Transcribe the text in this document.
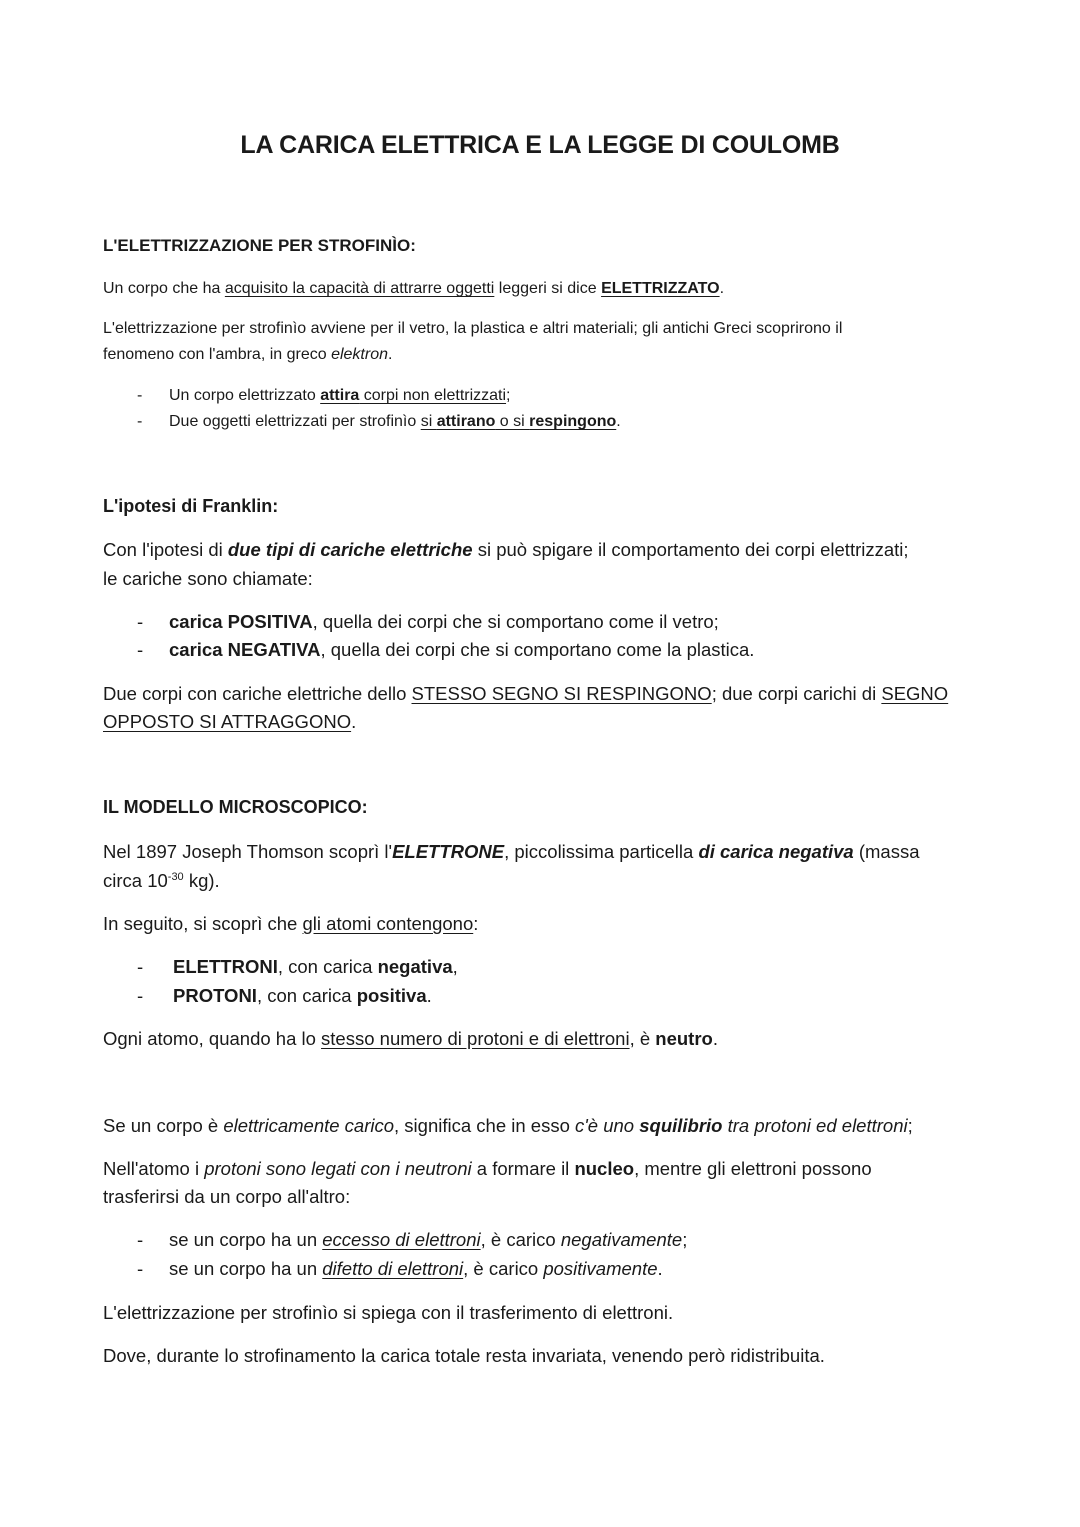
LA CARICA ELETTRICA E LA LEGGE DI COULOMB
L'ELETTRIZZAZIONE PER STROFINÌO:
Un corpo che ha acquisito la capacità di attrarre oggetti leggeri si dice ELETTRIZZATO.
L'elettrizzazione per strofinìo avviene per il vetro, la plastica e altri materiali; gli antichi Greci scoprirono il
fenomeno con l'ambra, in greco elektron.
- Un corpo elettrizzato attira corpi non elettrizzati;
- Due oggetti elettrizzati per strofinìo si attirano o si respingono.
L'ipotesi di Franklin:
Con l'ipotesi di due tipi di cariche elettriche si può spigare il comportamento dei corpi elettrizzati;
le cariche sono chiamate:
- carica POSITIVA, quella dei corpi che si comportano come il vetro;
- carica NEGATIVA, quella dei corpi che si comportano come la plastica.
Due corpi con cariche elettriche dello STESSO SEGNO SI RESPINGONO; due corpi carichi di SEGNO
OPPOSTO SI ATTRAGGONO.
IL MODELLO MICROSCOPICO:
Nel 1897 Joseph Thomson scoprì l'ELETTRONE, piccolissima particella di carica negativa (massa
circa $10^{-30}$ kg).
In seguito, si scoprì che gli atomi contengono:
- ELETTRONI, con carica negativa,
- PROTONI, con carica positiva.
Ogni atomo, quando ha lo stesso numero di protoni e di elettroni, è neutro.
Se un corpo è elettricamente carico, significa che in esso c'è uno squilibrio tra protoni ed elettroni;
Nell'atomo i protoni sono legati con i neutroni a formare il nucleo, mentre gli elettroni possono
trasferirsi da un corpo all'altro:
- se un corpo ha un eccesso di elettroni, è carico negativamente;
- se un corpo ha un difetto di elettroni, è carico positivamente.
L'elettrizzazione per strofinìo si spiega con il trasferimento di elettroni.
Dove, durante lo strofinamento la carica totale resta invariata, venendo però ridistribuita.
